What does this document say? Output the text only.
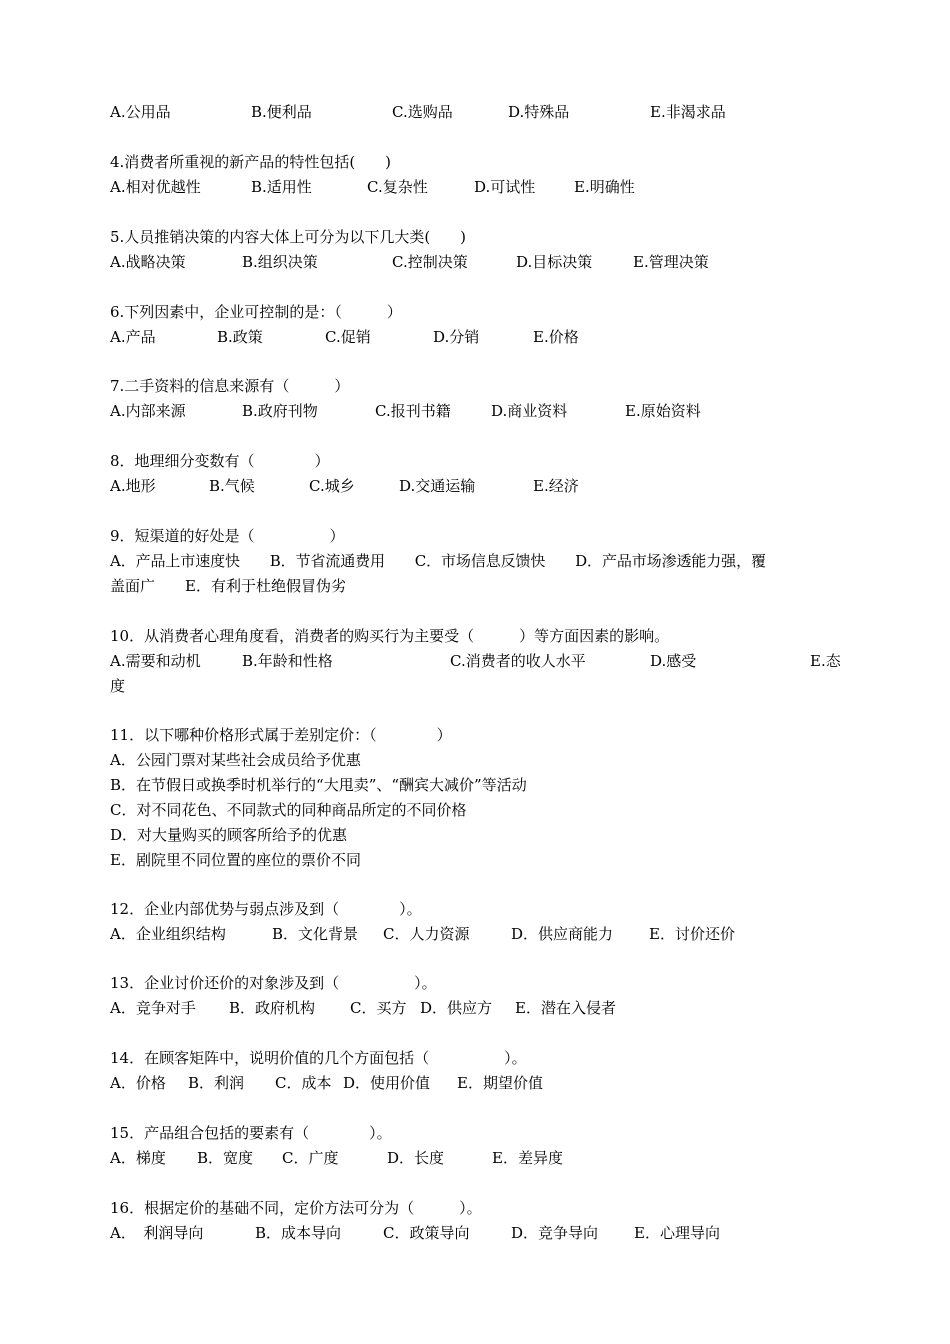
A.公用品	B.便利品	C.选购品	D.特殊品	E.非渴求品
4.消费者所重视的新产品的特性包括(　　)
A.相对优越性	B.适用性	C.复杂性	D.可试性	E.明确性
5.人员推销决策的内容大体上可分为以下几大类(　　)
A.战略决策	B.组织决策	C.控制决策	D.目标决策	E.管理决策
6.下列因素中，企业可控制的是：（　　　）
A.产品	B.政策	C.促销	D.分销	E.价格
7.二手资料的信息来源有（　　　）
A.内部来源	B.政府刊物	C.报刊书籍	D.商业资料	E.原始资料
8．地理细分变数有（　　　　）
A.地形	B.气候	C.城乡	D.交通运输	E.经济
9．短渠道的好处是（　　　　　）
A．产品上市速度快　　B．节省流通费用　　C．市场信息反馈快　　D．产品市场渗透能力强，覆
盖面广　　E．有利于杜绝假冒伪劣
10．从消费者心理角度看，消费者的购买行为主要受（　　　）等方面因素的影响。
A.需要和动机	B.年龄和性格	C.消费者的收人水平	D.感受	E.态
度
11．以下哪种价格形式属于差别定价：（　　　　）
A．公园门票对某些社会成员给予优惠
B．在节假日或换季时机举行的“大甩卖”、“酬宾大减价”等活动
C．对不同花色、不同款式的同种商品所定的不同价格
D．对大量购买的顾客所给予的优惠
E．剧院里不同位置的座位的票价不同
12．企业内部优势与弱点涉及到（　　　　）。
A．企业组织结构	B．文化背景 C．人力资源	D．供应商能力 E．讨价还价
13．企业讨价还价的对象涉及到（　　　　　）。
A．竞争对手 B．政府机构 C．买方 D．供应方 E．潜在入侵者
14．在顾客矩阵中，说明价值的几个方面包括（　　　　　）。
A．价格 B．利润 C．成本 D．使用价值 E．期望价值
15．产品组合包括的要素有（　　　　）。
A．梯度 B．宽度 C．广度	D．长度	E．差异度
16．根据定价的基础不同，定价方法可分为（　　　）。
A．　利润导向	B．成本导向	C．政策导向	D．竞争导向 E．心理导向
